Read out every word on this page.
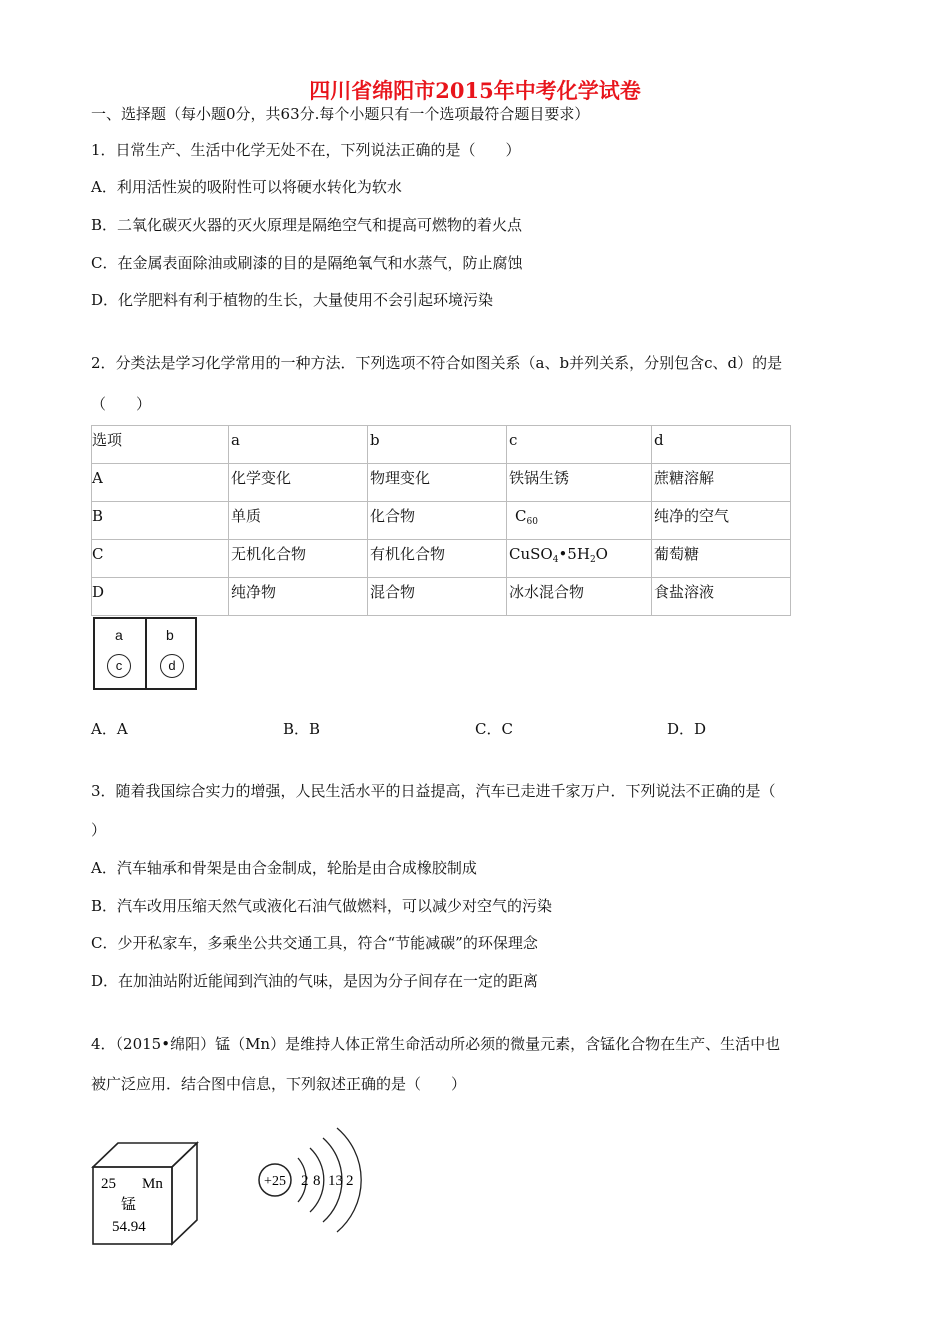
四川省绵阳市2015年中考化学试卷
一、选择题（每小题0分，共63分.每个小题只有一个选项最符合题目要求）
1．日常生产、生活中化学无处不在，下列说法正确的是（　　）
A．利用活性炭的吸附性可以将硬水转化为软水
B．二氧化碳灭火器的灭火原理是隔绝空气和提高可燃物的着火点
C．在金属表面除油或刷漆的目的是隔绝氧气和水蒸气，防止腐蚀
D．化学肥料有利于植物的生长，大量使用不会引起环境污染
2．分类法是学习化学常用的一种方法．下列选项不符合如图关系（a、b并列关系，分别包含c、d）的是
（　　）
选项	a	b	c	d
A	化学变化	物理变化	铁锅生锈	蔗糖溶解
B	单质	化合物	$C_{60}$	纯净的空气
C	无机化合物	有机化合物	$CuSO_4•5H_2O$	葡萄糖
D	纯净物	混合物	冰水混合物	食盐溶液
a	b
c	d
A．A	B．B	C．C	D．D
3．随着我国综合实力的增强，人民生活水平的日益提高，汽车已走进千家万户．下列说法不正确的是（
）
A．汽车轴承和骨架是由合金制成，轮胎是由合成橡胶制成
B．汽车改用压缩天然气或液化石油气做燃料，可以减少对空气的污染
C．少开私家车，多乘坐公共交通工具，符合“节能减碳”的环保理念
D．在加油站附近能闻到汽油的气味，是因为分子间存在一定的距离
4．（2015•绵阳）锰（Mn）是维持人体正常生命活动所必须的微量元素，含锰化合物在生产、生活中也
被广泛应用．结合图中信息，下列叙述正确的是（　　）
25 Mn
锰
54.94
+25 2 8 13 2
